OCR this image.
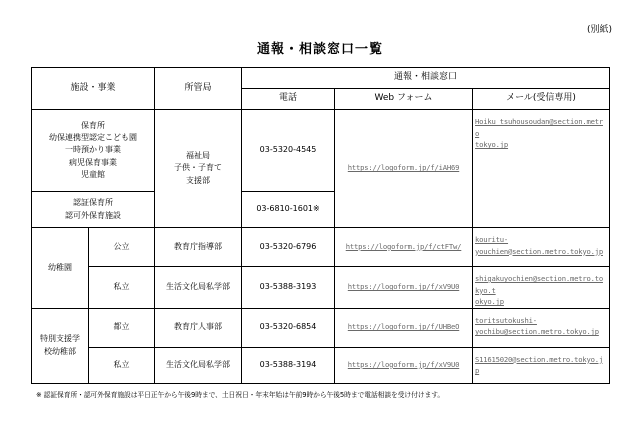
(別紙)
通報・相談窓口一覧
施設・事業		所管局	通報・相談窓口		
			電話	Web フォーム	メール(受信専用)

保育所
幼保連携型認定こども園
一時預かり事業
病児保育事業
児童館		福祉局
子供・子育て
支援部	03-5320-4545	https://logoform.jp/f/iAH69	Hoiku_tsuhousoudan@section.metro
tokyo.jp

認証保育所
認可外保育施設			03-6810-1601※		
幼稚園	公立	教育庁指導部	03-5320-6796	https://logoform.jp/f/ctFTw/	kouritu-
youchien@section.metro.tokyo.jp

	私立	生活文化局私学部	03-5388-3193	https://logoform.jp/f/xV9U0	shigakuyochien@section.metro.tokyo.t
okyo.jp

特別支援学
校幼稚部	都立	教育庁人事部	03-5320-6854	https://logoform.jp/f/UHBeO	toritsutokushi-
yochibu@section.metro.tokyo.jp

	私立	生活文化局私学部	03-5388-3194	https://logoform.jp/f/xV9U0	S11615020@section.metro.tokyo.jp
※ 認証保育所・認可外保育施設は平日正午から午後9時まで、土日祝日・年末年始は午前9時から午後5時まで電話相談を受け付けます。
